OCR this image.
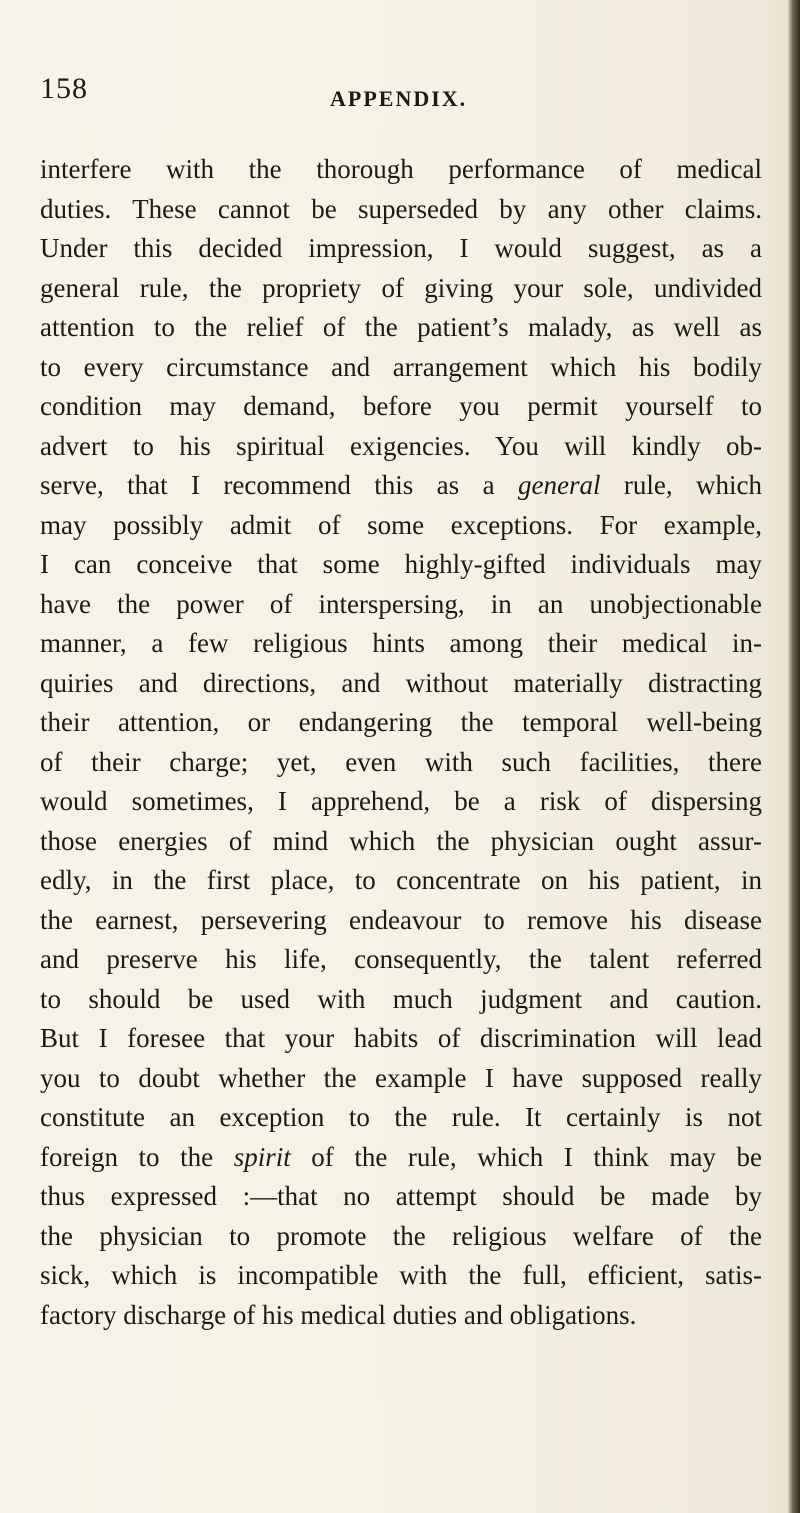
158	APPENDIX.
interfere with the thorough performance of medical
duties. These cannot be superseded by any other claims.
Under this decided impression, I would suggest, as a
general rule, the propriety of giving your sole, undivided
attention to the relief of the patient’s malady, as well as
to every circumstance and arrangement which his bodily
condition may demand, before you permit yourself to
advert to his spiritual exigencies. You will kindly ob-
serve, that I recommend this as a general rule, which
may possibly admit of some exceptions. For example,
I can conceive that some highly-gifted individuals may
have the power of interspersing, in an unobjectionable
manner, a few religious hints among their medical in-
quiries and directions, and without materially distracting
their attention, or endangering the temporal well-being
of their charge; yet, even with such facilities, there
would sometimes, I apprehend, be a risk of dispersing
those energies of mind which the physician ought assur-
edly, in the first place, to concentrate on his patient, in
the earnest, persevering endeavour to remove his disease
and preserve his life, consequently, the talent referred
to should be used with much judgment and caution.
But I foresee that your habits of discrimination will lead
you to doubt whether the example I have supposed really
constitute an exception to the rule. It certainly is not
foreign to the spirit of the rule, which I think may be
thus expressed :—that no attempt should be made by
the physician to promote the religious welfare of the
sick, which is incompatible with the full, efficient, satis-
factory discharge of his medical duties and obligations.
